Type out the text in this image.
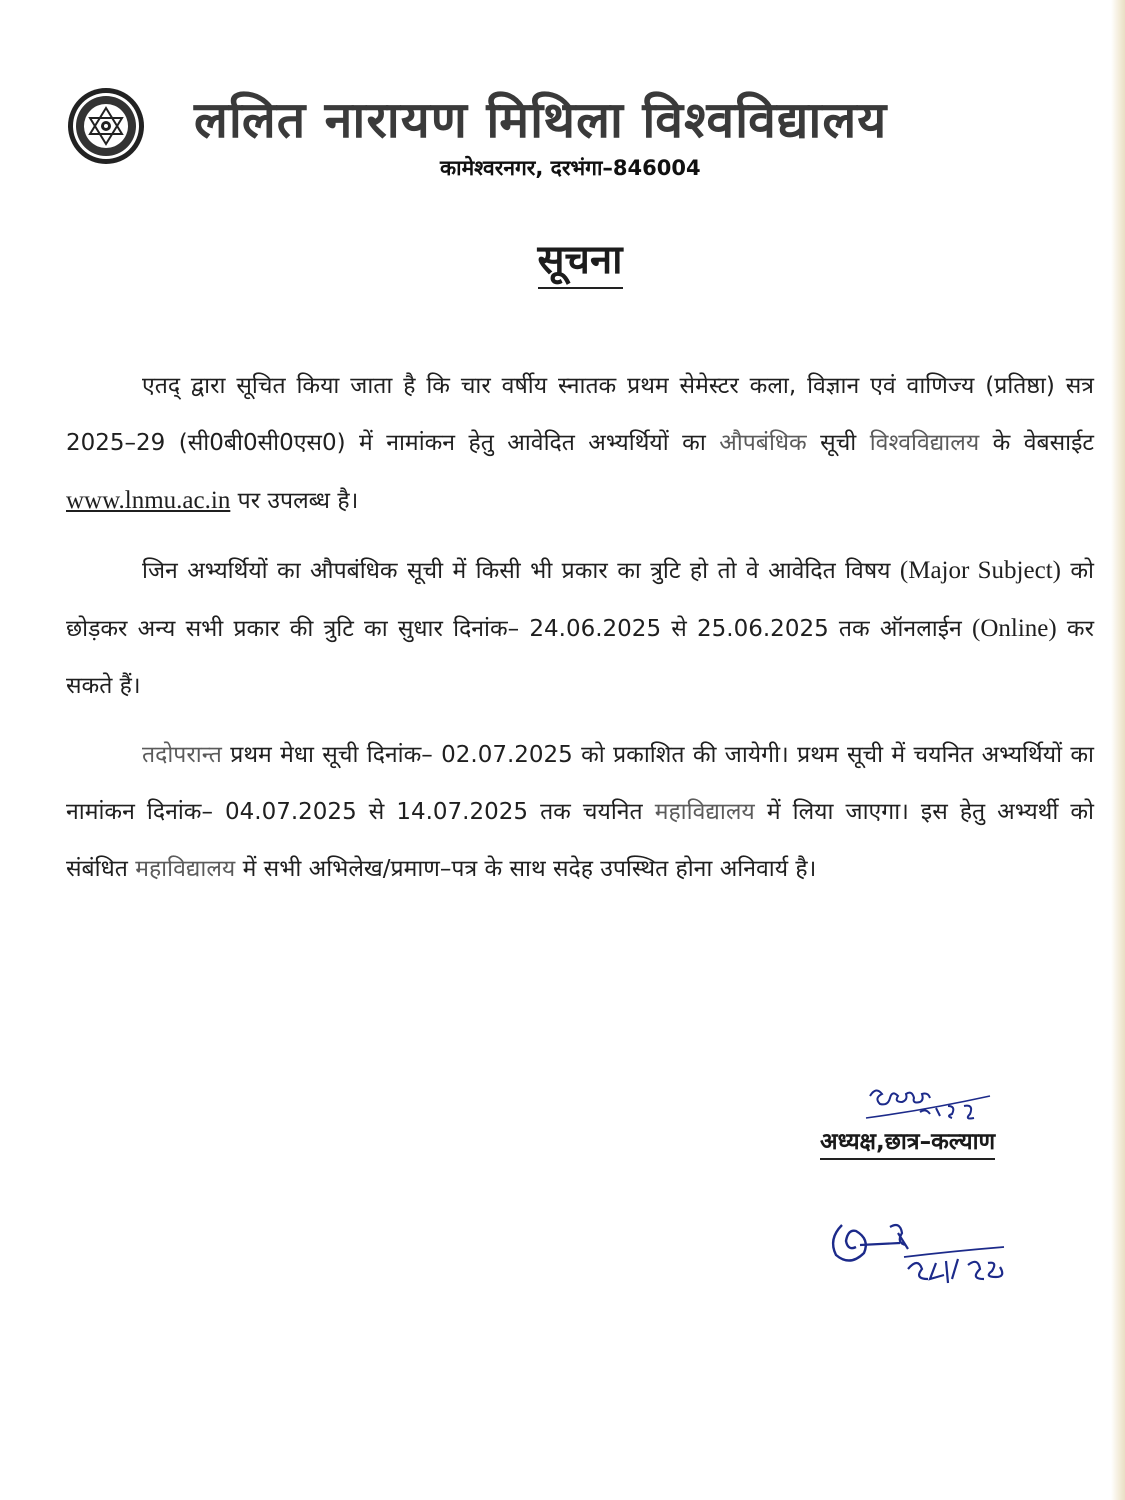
ललित नारायण मिथिला विश्वविद्यालय
कामेश्वरनगर, दरभंगा–846004
सूचना

एतद् द्वारा सूचित किया जाता है कि चार वर्षीय स्नातक प्रथम सेमेस्टर कला, विज्ञान एवं वाणिज्य (प्रतिष्ठा) सत्र 2025–29 (सी0बी0सी0एस0) में नामांकन हेतु आवेदित अभ्यर्थियों का औपबंधिक सूची विश्वविद्यालय के वेबसाईट www.lnmu.ac.in पर उपलब्ध है।

जिन अभ्यर्थियों का औपबंधिक सूची में किसी भी प्रकार का त्रुटि हो तो वे आवेदित विषय (Major Subject) को छोड़कर अन्य सभी प्रकार की त्रुटि का सुधार दिनांक– 24.06.2025 से 25.06.2025 तक ऑनलाईन (Online) कर सकते हैं।

तदोपरान्त प्रथम मेधा सूची दिनांक– 02.07.2025 को प्रकाशित की जायेगी। प्रथम सूची में चयनित अभ्यर्थियों का नामांकन दिनांक– 04.07.2025 से 14.07.2025 तक चयनित महाविद्यालय में लिया जाएगा। इस हेतु अभ्यर्थी को संबंधित महाविद्यालय में सभी अभिलेख/प्रमाण–पत्र के साथ सदेह उपस्थित होना अनिवार्य है।

अध्यक्ष,छात्र–कल्याण
